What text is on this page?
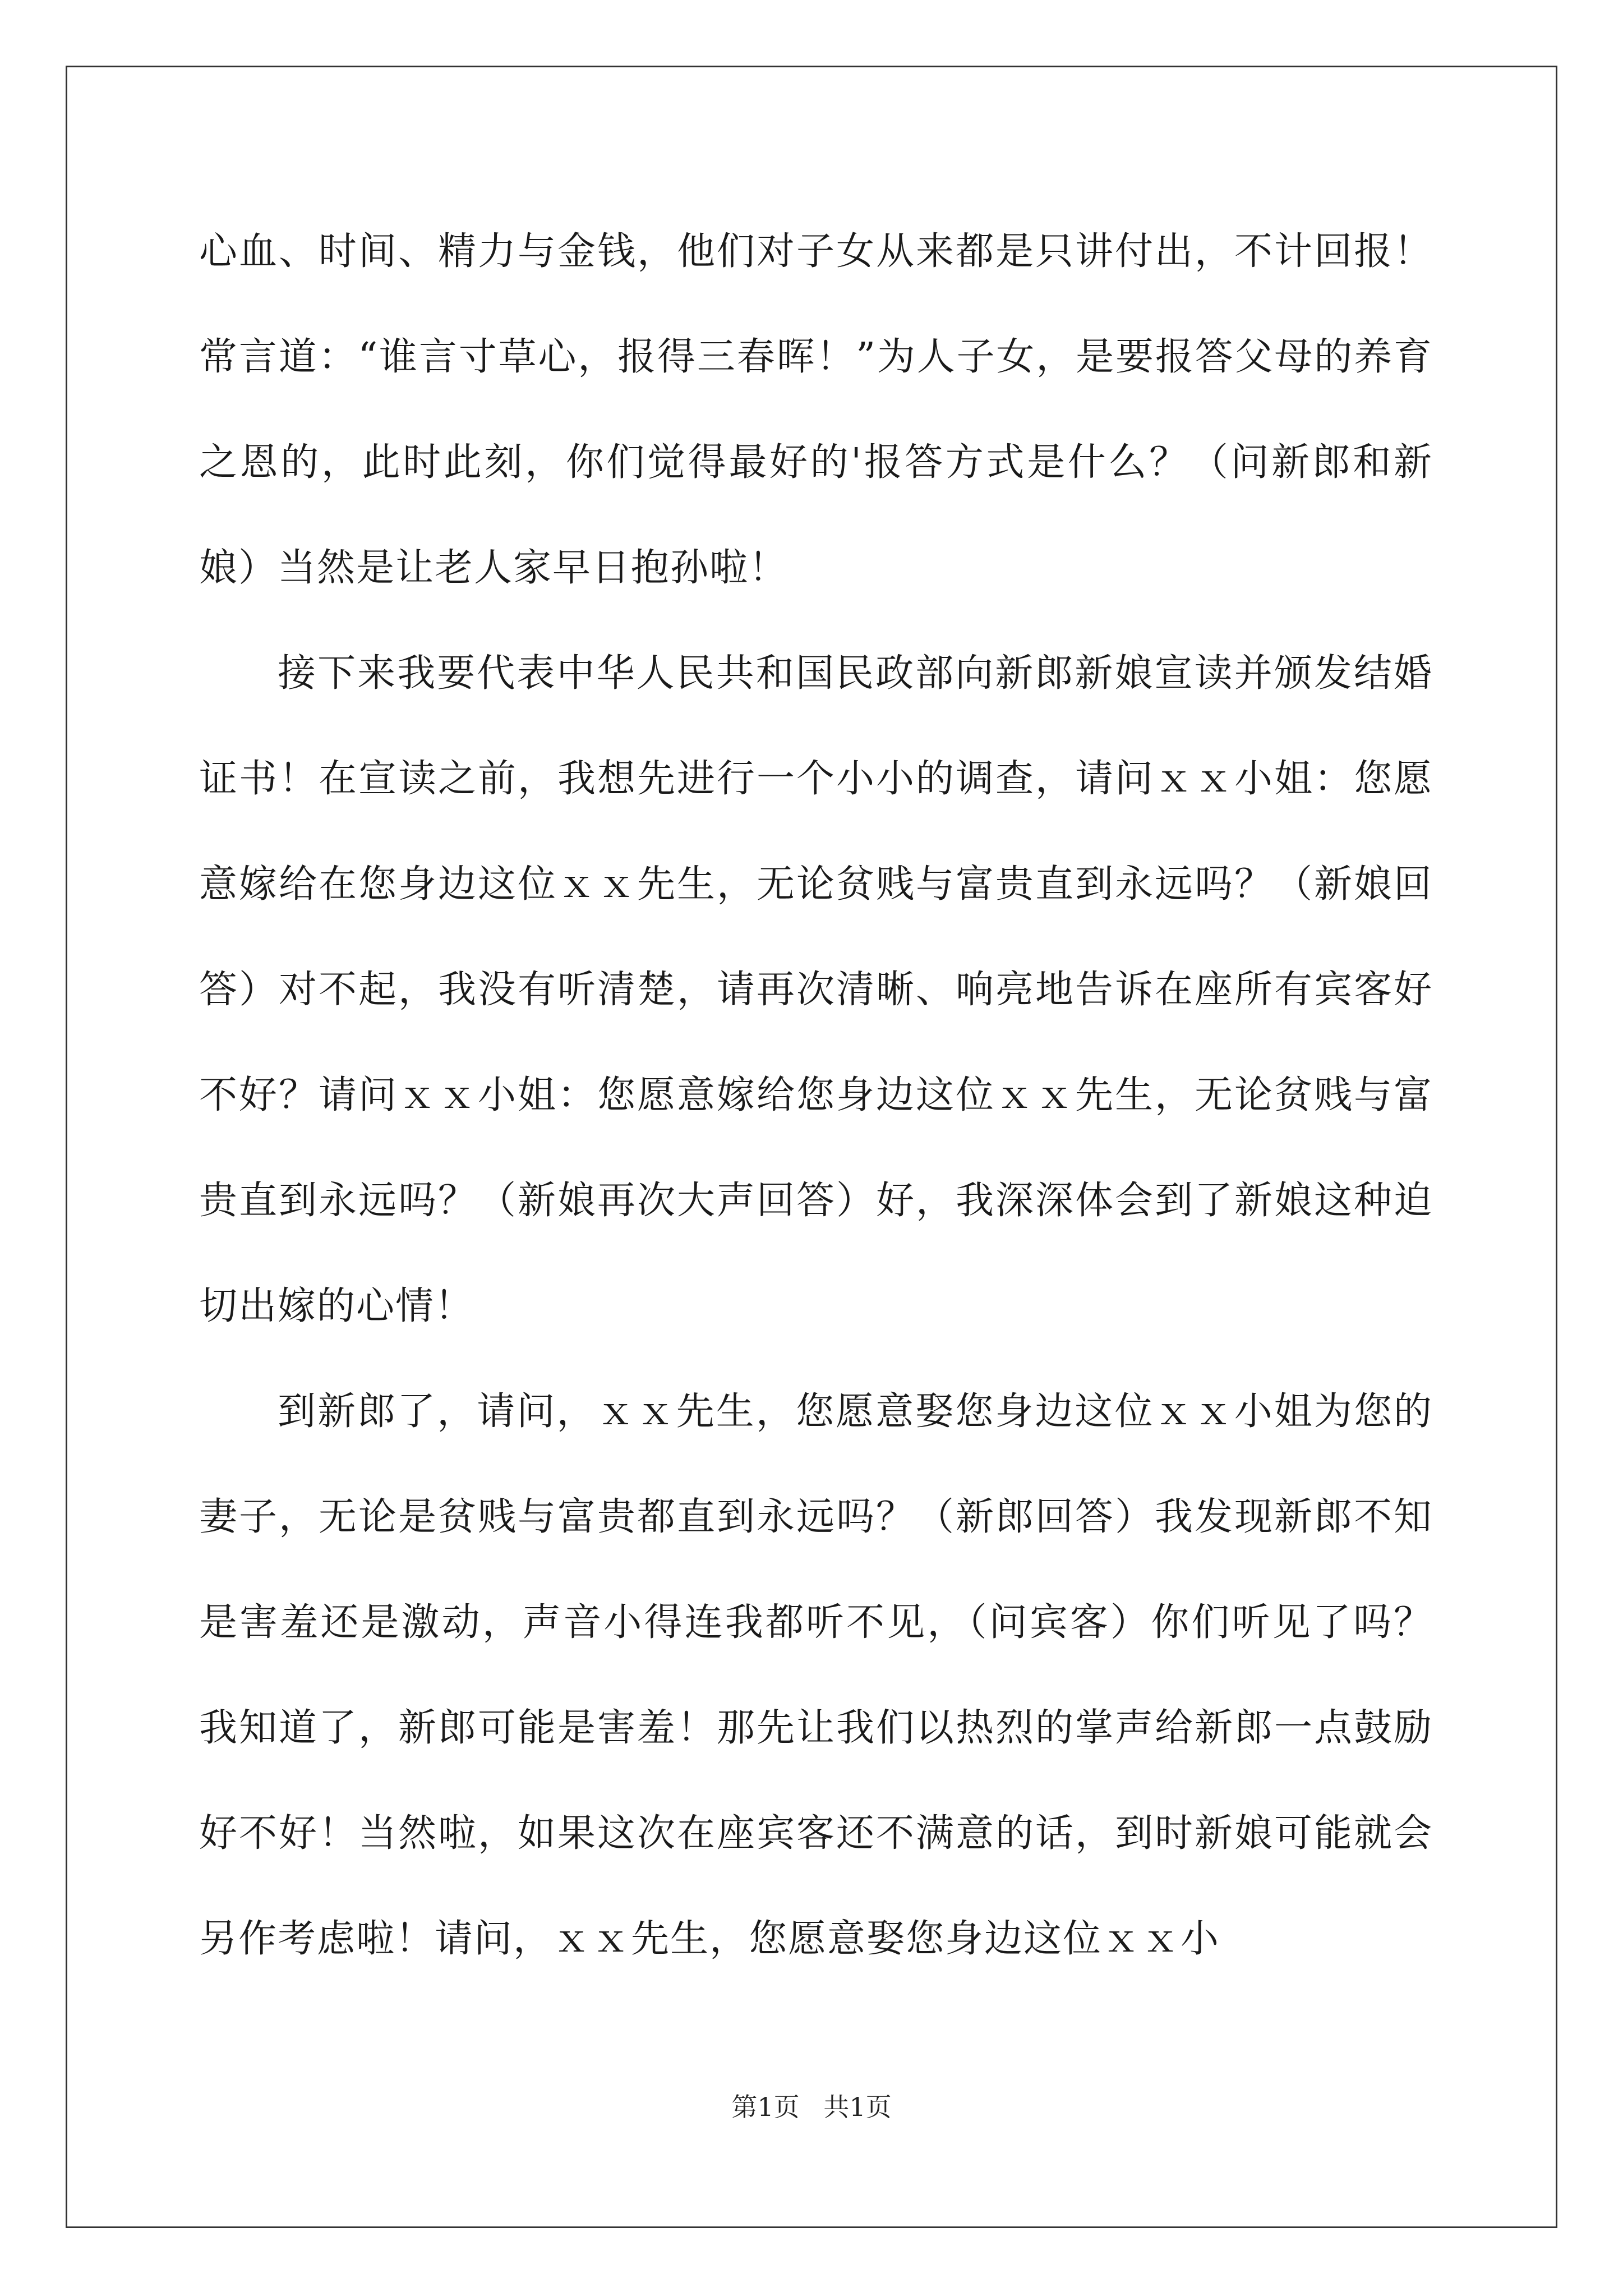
心血、时间、精力与金钱，他们对子女从来都是只讲付出，不计回报！常言道：“谁言寸草心，报得三春晖！”为人子女，是要报答父母的养育之恩的，此时此刻，你们觉得最好的'报答方式是什么？（问新郎和新娘）当然是让老人家早日抱孙啦！

接下来我要代表中华人民共和国民政部向新郎新娘宣读并颁发结婚证书！在宣读之前，我想先进行一个小小的调查，请问ｘｘ小姐：您愿意嫁给在您身边这位ｘｘ先生，无论贫贱与富贵直到永远吗？（新娘回答）对不起，我没有听清楚，请再次清晰、响亮地告诉在座所有宾客好不好？请问ｘｘ小姐：您愿意嫁给您身边这位ｘｘ先生，无论贫贱与富贵直到永远吗？（新娘再次大声回答）好，我深深体会到了新娘这种迫切出嫁的心情！

到新郎了，请问，ｘｘ先生，您愿意娶您身边这位ｘｘ小姐为您的妻子，无论是贫贱与富贵都直到永远吗？（新郎回答）我发现新郎不知是害羞还是激动，声音小得连我都听不见，（问宾客）你们听见了吗？我知道了，新郎可能是害羞！那先让我们以热烈的掌声给新郎一点鼓励好不好！当然啦，如果这次在座宾客还不满意的话，到时新娘可能就会另作考虑啦！请问，ｘｘ先生，您愿意娶您身边这位ｘｘ小

第1页 共1页
